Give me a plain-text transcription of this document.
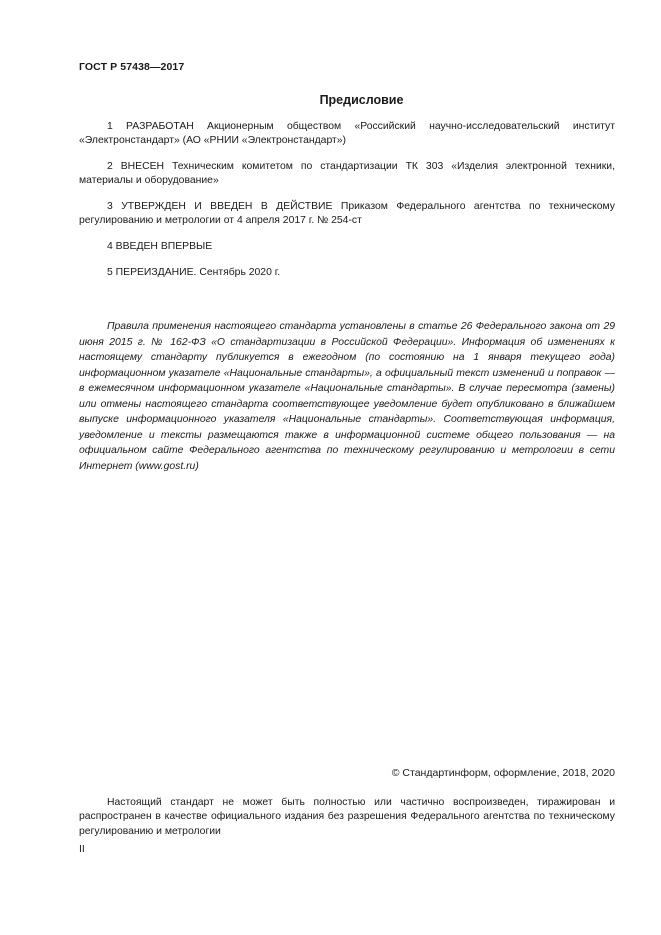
ГОСТ Р 57438—2017
Предисловие
1 РАЗРАБОТАН Акционерным обществом «Российский научно-исследовательский институт «Электронстандарт» (АО «РНИИ «Электронстандарт»)
2 ВНЕСЕН Техническим комитетом по стандартизации ТК 303 «Изделия электронной техники, материалы и оборудование»
3 УТВЕРЖДЕН И ВВЕДЕН В ДЕЙСТВИЕ Приказом Федерального агентства по техническому регулированию и метрологии от 4 апреля 2017 г. № 254-ст
4 ВВЕДЕН ВПЕРВЫЕ
5 ПЕРЕИЗДАНИЕ. Сентябрь 2020 г.
Правила применения настоящего стандарта установлены в статье 26 Федерального закона от 29 июня 2015 г. № 162-ФЗ «О стандартизации в Российской Федерации». Информация об изменениях к настоящему стандарту публикуется в ежегодном (по состоянию на 1 января текущего года) информационном указателе «Национальные стандарты», а официальный текст изменений и поправок — в ежемесячном информационном указателе «Национальные стандарты». В случае пересмотра (замены) или отмены настоящего стандарта соответствующее уведомление будет опубликовано в ближайшем выпуске информационного указателя «Национальные стандарты». Соответствующая информация, уведомление и тексты размещаются также в информационной системе общего пользования — на официальном сайте Федерального агентства по техническому регулированию и метрологии в сети Интернет (www.gost.ru)
© Стандартинформ, оформление, 2018, 2020
Настоящий стандарт не может быть полностью или частично воспроизведен, тиражирован и распространен в качестве официального издания без разрешения Федерального агентства по техническому регулированию и метрологии
II
